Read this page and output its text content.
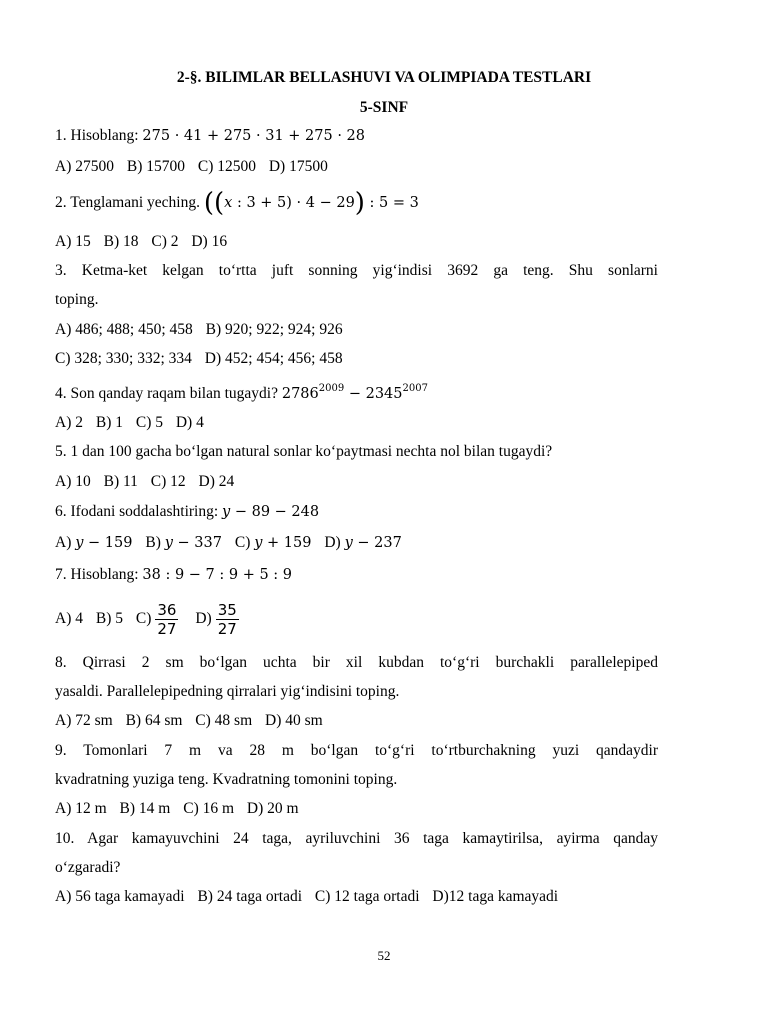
2-§. BILIMLAR BELLASHUVI VA OLIMPIADA TESTLARI
5-SINF
1. Hisoblang: 275 · 41 + 275 · 31 + 275 · 28
A) 27500 B) 15700 C) 12500 D) 17500
2. Tenglamani yeching. ((x : 3 + 5) · 4 − 29) : 5 = 3
A) 15 B) 18 C) 2 D) 16
3. Ketma-ket kelgan to‘rtta juft sonning yig‘indisi 3692 ga teng. Shu sonlarni
toping.
A) 486; 488; 450; 458 B) 920; 922; 924; 926
C) 328; 330; 332; 334 D) 452; 454; 456; 458
4. Son qanday raqam bilan tugaydi? $2786^{2009} - 2345^{2007}$
A) 2 B) 1 C) 5 D) 4
5. 1 dan 100 gacha bo‘lgan natural sonlar ko‘paytmasi nechta nol bilan tugaydi?
A) 10 B) 11 C) 12 D) 24
6. Ifodani soddalashtiring: y − 89 − 248
A) y − 159 B) y − 337 C) y + 159 D) y − 237
7. Hisoblang: 38 : 9 − 7 : 9 + 5 : 9
A) 4 B) 5 $C) \frac{36}{27} D) \frac{35}{27}$
8. Qirrasi 2 sm bo‘lgan uchta bir xil kubdan to‘g‘ri burchakli parallelepiped
yasaldi. Parallelepipedning qirralari yig‘indisini toping.
A) 72 sm B) 64 sm C) 48 sm D) 40 sm
9. Tomonlari 7 m va 28 m bo‘lgan to‘g‘ri to‘rtburchakning yuzi qandaydir
kvadratning yuziga teng. Kvadratning tomonini toping.
A) 12 m B) 14 m C) 16 m D) 20 m
10. Agar kamayuvchini 24 taga, ayriluvchini 36 taga kamaytirilsa, ayirma qanday
o‘zgaradi?
A) 56 taga kamayadi B) 24 taga ortadi C) 12 taga ortadi D)12 taga kamayadi
52
